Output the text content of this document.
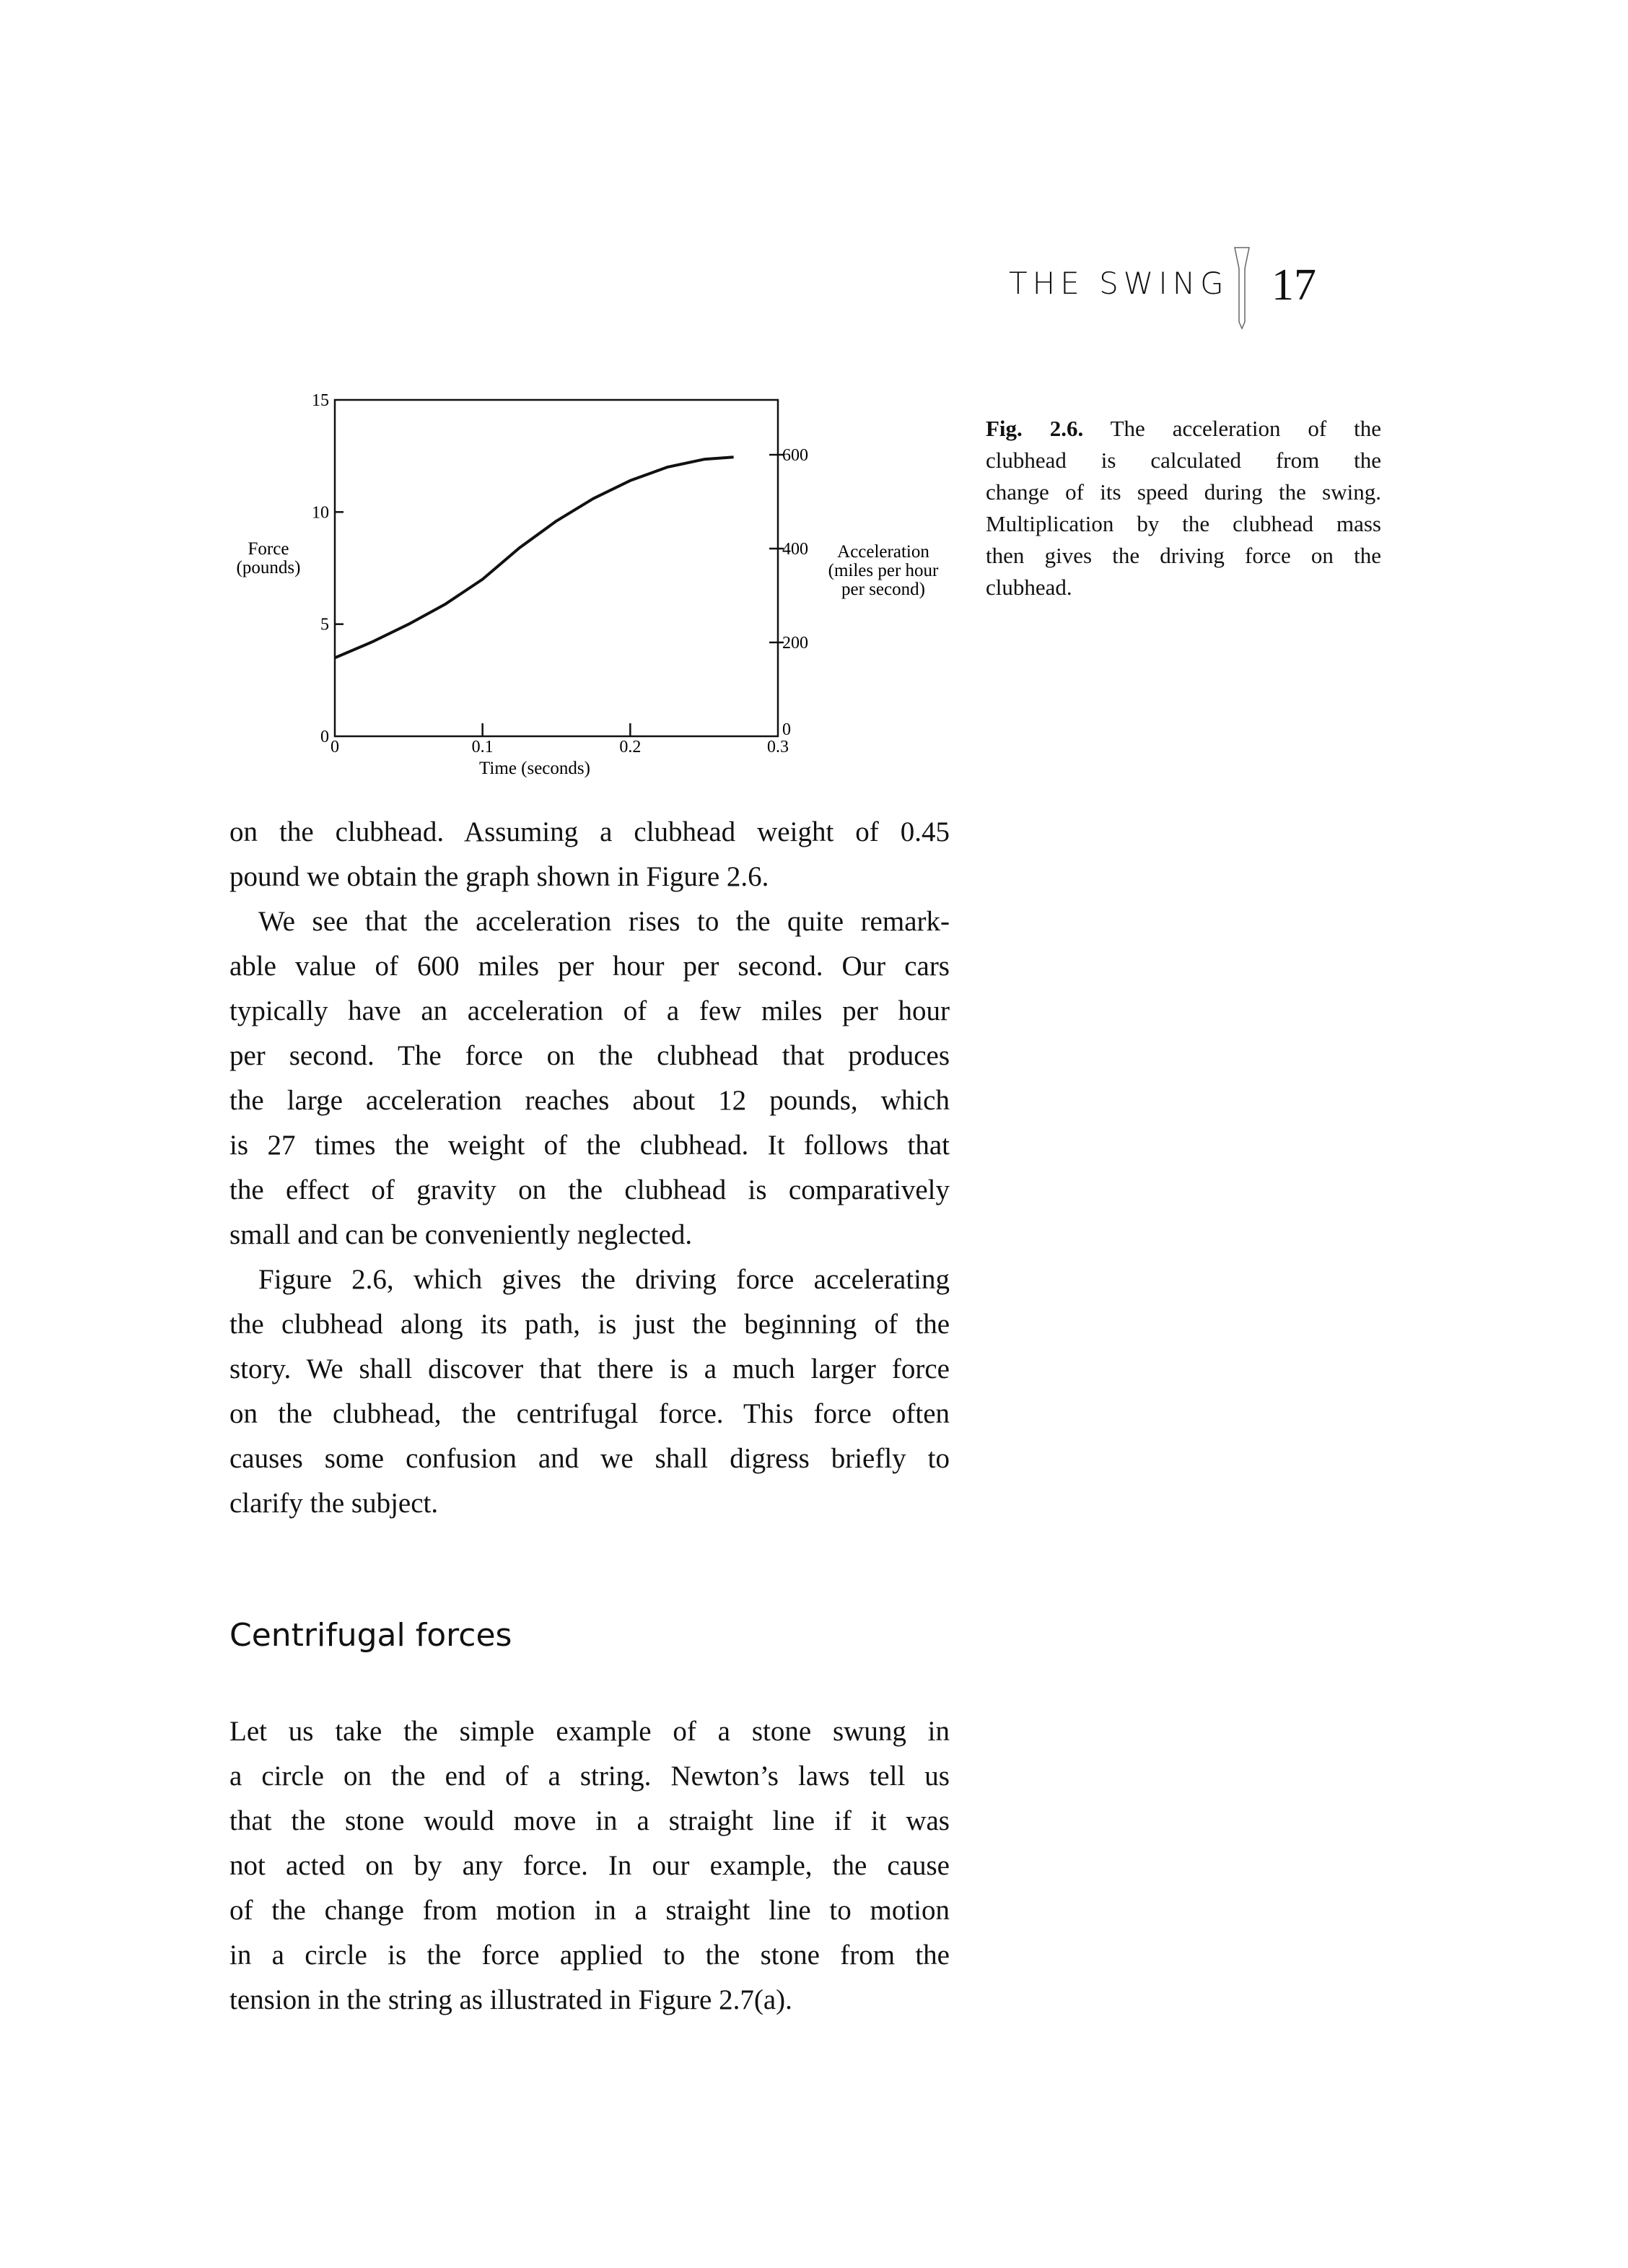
THE SWING 17
0	0.1	0.2	0.3
0
5
10
15
0
200
400
600
Time (seconds)
Force
(pounds)
Acceleration
(miles per hour
per second)
Fig. 2.6. The acceleration of the
clubhead is calculated from the
change of its speed during the swing.
Multiplication by the clubhead mass
then gives the driving force on the
clubhead.
on the clubhead. Assuming a clubhead weight of 0.45
pound we obtain the graph shown in Figure 2.6.
We see that the acceleration rises to the quite remark-
able value of 600 miles per hour per second. Our cars
typically have an acceleration of a few miles per hour
per second. The force on the clubhead that produces
the large acceleration reaches about 12 pounds, which
is 27 times the weight of the clubhead. It follows that
the effect of gravity on the clubhead is comparatively
small and can be conveniently neglected.
Figure 2.6, which gives the driving force accelerating
the clubhead along its path, is just the beginning of the
story. We shall discover that there is a much larger force
on the clubhead, the centrifugal force. This force often
causes some confusion and we shall digress briefly to
clarify the subject.
Centrifugal forces
Let us take the simple example of a stone swung in
a circle on the end of a string. Newton’s laws tell us
that the stone would move in a straight line if it was
not acted on by any force. In our example, the cause
of the change from motion in a straight line to motion
in a circle is the force applied to the stone from the
tension in the string as illustrated in Figure 2.7(a).
